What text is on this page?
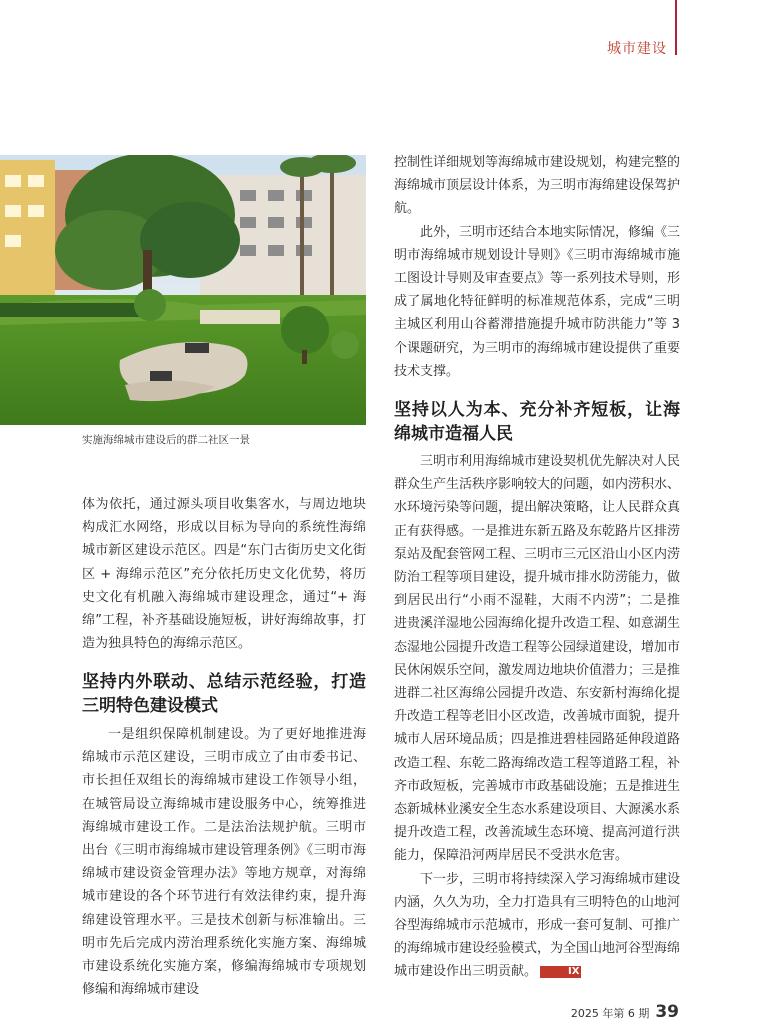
城市建设
实施海绵城市建设后的群二社区一景

体为依托，通过源头项目收集客水，与周边地块构成汇水网络，形成以目标为导向的系统性海绵城市新区建设示范区。四是“东门古街历史文化街区 + 海绵示范区”充分依托历史文化优势，将历史文化有机融入海绵城市建设理念，通过“+ 海绵”工程，补齐基础设施短板，讲好海绵故事，打造为独具特色的海绵示范区。

坚持内外联动、总结示范经验，打造三明特色建设模式

一是组织保障机制建设。为了更好地推进海绵城市示范区建设，三明市成立了由市委书记、市长担任双组长的海绵城市建设工作领导小组，在城管局设立海绵城市建设服务中心，统筹推进海绵城市建设工作。二是法治法规护航。三明市出台《三明市海绵城市建设管理条例》《三明市海绵城市建设资金管理办法》等地方规章，对海绵城市建设的各个环节进行有效法律约束，提升海绵建设管理水平。三是技术创新与标准输出。三明市先后完成内涝治理系统化实施方案、海绵城市建设系统化实施方案，修编海绵城市专项规划修编和海绵城市建设

控制性详细规划等海绵城市建设规划，构建完整的海绵城市顶层设计体系，为三明市海绵建设保驾护航。

此外，三明市还结合本地实际情况，修编《三明市海绵城市规划设计导则》《三明市海绵城市施工图设计导则及审查要点》等一系列技术导则，形成了属地化特征鲜明的标准规范体系，完成“三明主城区利用山谷蓄滞措施提升城市防洪能力”等 3 个课题研究，为三明市的海绵城市建设提供了重要技术支撑。

坚持以人为本、充分补齐短板，让海绵城市造福人民

三明市利用海绵城市建设契机优先解决对人民群众生产生活秩序影响较大的问题，如内涝积水、水环境污染等问题，提出解决策略，让人民群众真正有获得感。一是推进东新五路及东乾路片区排涝泵站及配套管网工程、三明市三元区沿山小区内涝防治工程等项目建设，提升城市排水防涝能力，做到居民出行“小雨不湿鞋，大雨不内涝”；二是推进贵溪洋湿地公园海绵化提升改造工程、如意湖生态湿地公园提升改造工程等公园绿道建设，增加市民休闲娱乐空间，激发周边地块价值潜力；三是推进群二社区海绵公园提升改造、东安新村海绵化提升改造工程等老旧小区改造，改善城市面貌，提升城市人居环境品质；四是推进碧桂园路延伸段道路改造工程、东乾二路海绵改造工程等道路工程，补齐市政短板，完善城市市政基础设施；五是推进生态新城林业溪安全生态水系建设项目、大源溪水系提升改造工程，改善流域生态环境、提高河道行洪能力，保障沿河两岸居民不受洪水危害。

下一步，三明市将持续深入学习海绵城市建设内涵，久久为功，全力打造具有三明特色的山地河谷型海绵城市示范城市，形成一套可复制、可推广的海绵城市建设经验模式，为全国山地河谷型海绵城市建设作出三明贡献。	IX

2025 年第 6 期 39
